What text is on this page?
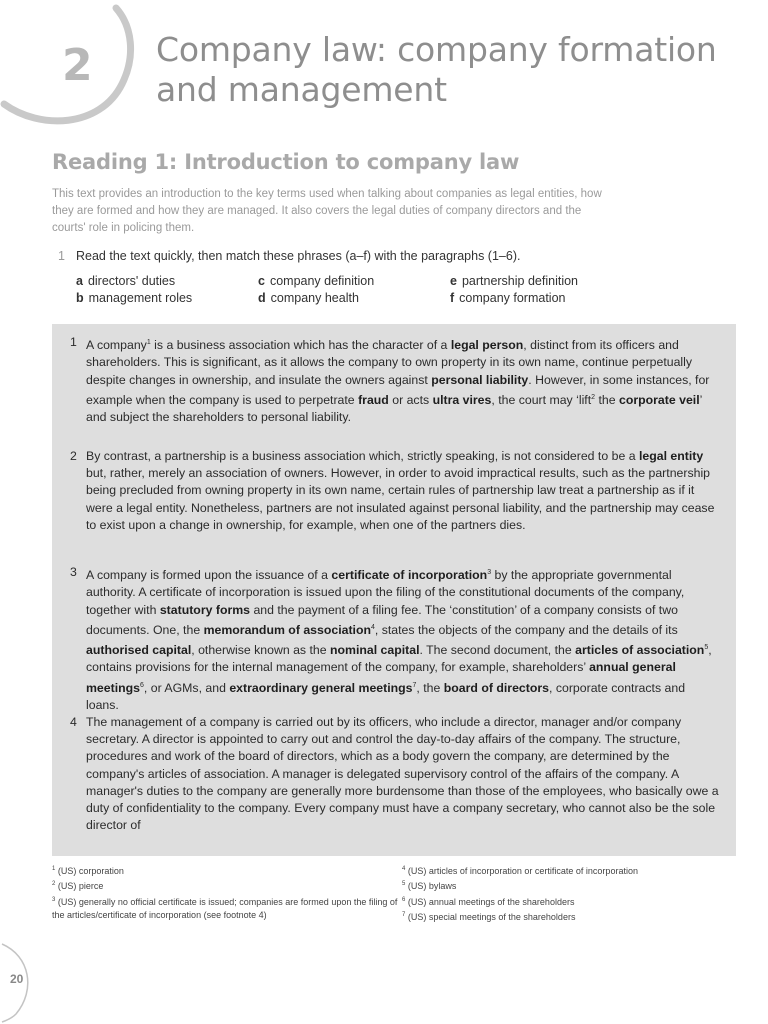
2 Company law: company formation and management
Reading 1: Introduction to company law

This text provides an introduction to the key terms used when talking about companies as legal entities, how they are formed and how they are managed. It also covers the legal duties of company directors and the courts' role in policing them.

1 Read the text quickly, then match these phrases (a–f) with the paragraphs (1–6).

a directors' duties	c company definition	e partnership definition
b management roles	d company health	f company formation
1 A company$^1$ is a business association which has the character of a legal person, distinct from its officers and shareholders. This is significant, as it allows the company to own property in its own name, continue perpetually despite changes in ownership, and insulate the owners against personal liability. However, in some instances, for example when the company is used to perpetrate fraud or acts ultra vires, the court may ‘lift$^2$ the corporate veil’ and subject the shareholders to personal liability.
2 By contrast, a partnership is a business association which, strictly speaking, is not considered to be a legal entity but, rather, merely an association of owners. However, in order to avoid impractical results, such as the partnership being precluded from owning property in its own name, certain rules of partnership law treat a partnership as if it were a legal entity. Nonetheless, partners are not insulated against personal liability, and the partnership may cease to exist upon a change in ownership, for example, when one of the partners dies.
3 A company is formed upon the issuance of a certificate of incorporation$^3$ by the appropriate governmental authority. A certificate of incorporation is issued upon the filing of the constitutional documents of the company, together with statutory forms and the payment of a filing fee. The ‘constitution’ of a company consists of two documents. One, the memorandum of association$^4$, states the objects of the company and the details of its authorised capital, otherwise known as the nominal capital. The second document, the articles of association$^5$, contains provisions for the internal management of the company, for example, shareholders’ annual general meetings$^6$, or AGMs, and extraordinary general meetings$^7$, the board of directors, corporate contracts and loans.
4 The management of a company is carried out by its officers, who include a director, manager and/or company secretary. A director is appointed to carry out and control the day-to-day affairs of the company. The structure, procedures and work of the board of directors, which as a body govern the company, are determined by the company's articles of association. A manager is delegated supervisory control of the affairs of the company. A manager's duties to the company are generally more burdensome than those of the employees, who basically owe a duty of confidentiality to the company. Every company must have a company secretary, who cannot also be the sole director of
$^1$ (US) corporation
$^2$ (US) pierce
$^3$ (US) generally no official certificate is issued; companies are formed upon the filing of the articles/certificate of incorporation (see footnote 4)
$^4$ (US) articles of incorporation or certificate of incorporation
$^5$ (US) bylaws
$^6$ (US) annual meetings of the shareholders
$^7$ (US) special meetings of the shareholders
20
